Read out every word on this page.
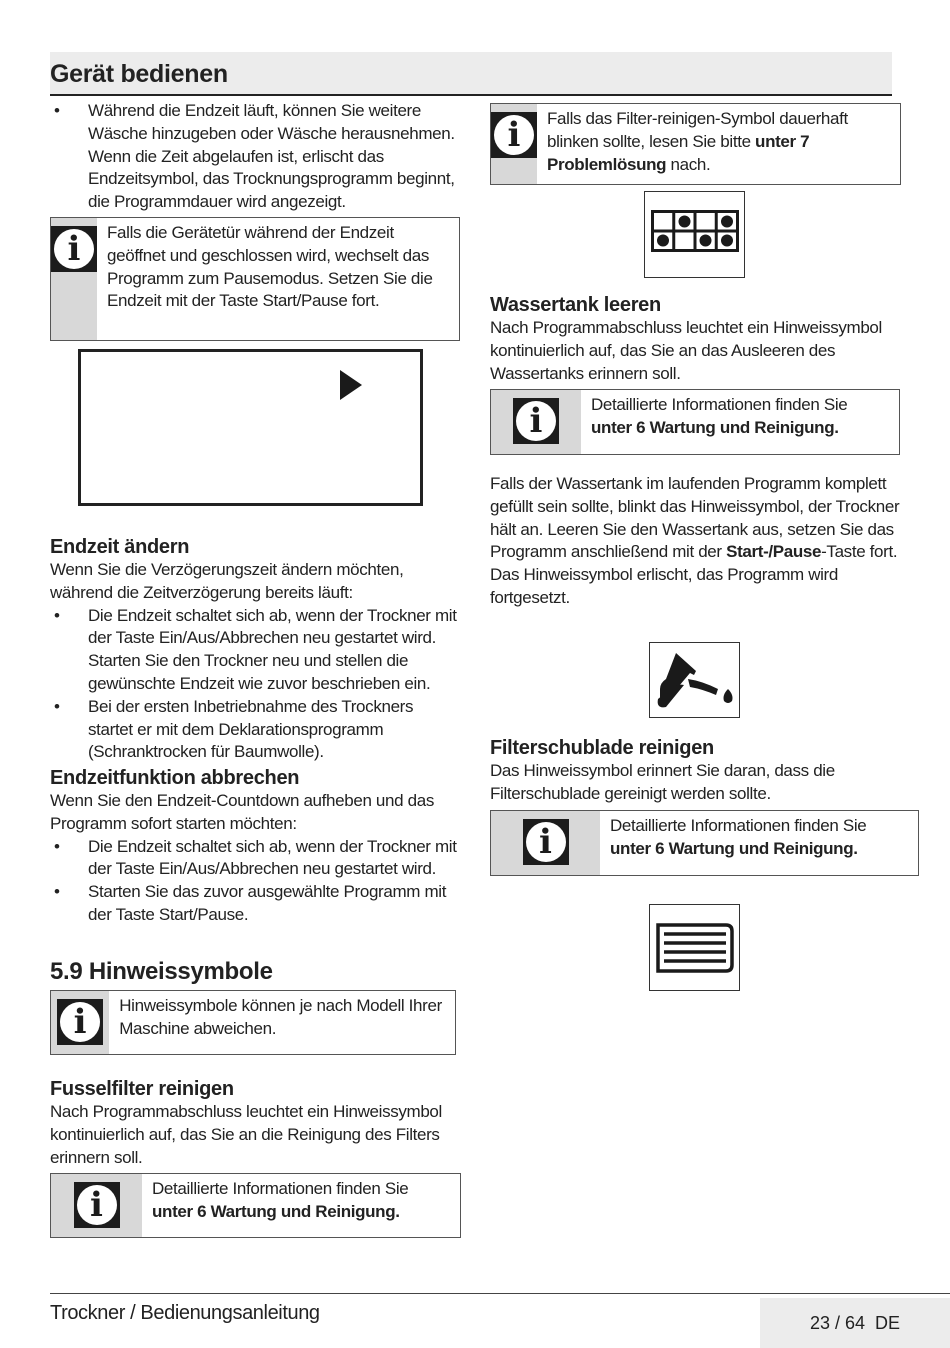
Gerät bedienen
• Während die Endzeit läuft, können Sie weitere Wäsche hinzugeben oder Wäsche herausnehmen. Wenn die Zeit abgelaufen ist, erlischt das Endzeitsymbol, das Trocknungsprogramm beginnt, die Programmdauer wird angezeigt.
i	Falls die Gerätetür während der Endzeit geöffnet und geschlossen wird, wechselt das Programm zum Pausemodus. Setzen Sie die Endzeit mit der Taste Start/Pause fort.
Endzeit ändern

Wenn Sie die Verzögerungszeit ändern möchten, während die Zeitverzögerung bereits läuft:

• Die Endzeit schaltet sich ab, wenn der Trockner mit der Taste Ein/Aus/Abbrechen neu gestartet wird. Starten Sie den Trockner neu und stellen die gewünschte Endzeit wie zuvor beschrieben ein.
• Bei der ersten Inbetriebnahme des Trockners startet er mit dem Deklarationsprogramm (Schranktrocken für Baumwolle).
Endzeitfunktion abbrechen

Wenn Sie den Endzeit-Countdown aufheben und das Programm sofort starten möchten:

• Die Endzeit schaltet sich ab, wenn der Trockner mit der Taste Ein/Aus/Abbrechen neu gestartet wird.
• Starten Sie das zuvor ausgewählte Programm mit der Taste Start/Pause.
5.9 Hinweissymbole
i	Hinweissymbole können je nach Modell Ihrer Maschine abweichen.
Fusselfilter reinigen
Nach Programmabschluss leuchtet ein Hinweissymbol kontinuierlich auf, das Sie an die Reinigung des Filters erinnern soll.
i	Detaillierte Informationen finden Sie
unter 6 Wartung und Reinigung.
i	Falls das Filter-reinigen-Symbol dauerhaft blinken sollte, lesen Sie bitte unter 7 Problemlösung nach.
Wassertank leeren
Nach Programmabschluss leuchtet ein Hinweissymbol kontinuierlich auf, das Sie an das Ausleeren des Wassertanks erinnern soll.
i	Detaillierte Informationen finden Sie
unter 6 Wartung und Reinigung.
Falls der Wassertank im laufenden Programm komplett gefüllt sein sollte, blinkt das Hinweissymbol, der Trockner hält an. Leeren Sie den Wassertank aus, setzen Sie das Programm anschließend mit der Start-/Pause-Taste fort. Das Hinweissymbol erlischt, das Programm wird fortgesetzt.
Filterschublade reinigen
Das Hinweissymbol erinnert Sie daran, dass die Filterschublade gereinigt werden sollte.
i	Detaillierte Informationen finden Sie
unter 6 Wartung und Reinigung.
Trockner / Bedienungsanleitung	23 / 64
DE
